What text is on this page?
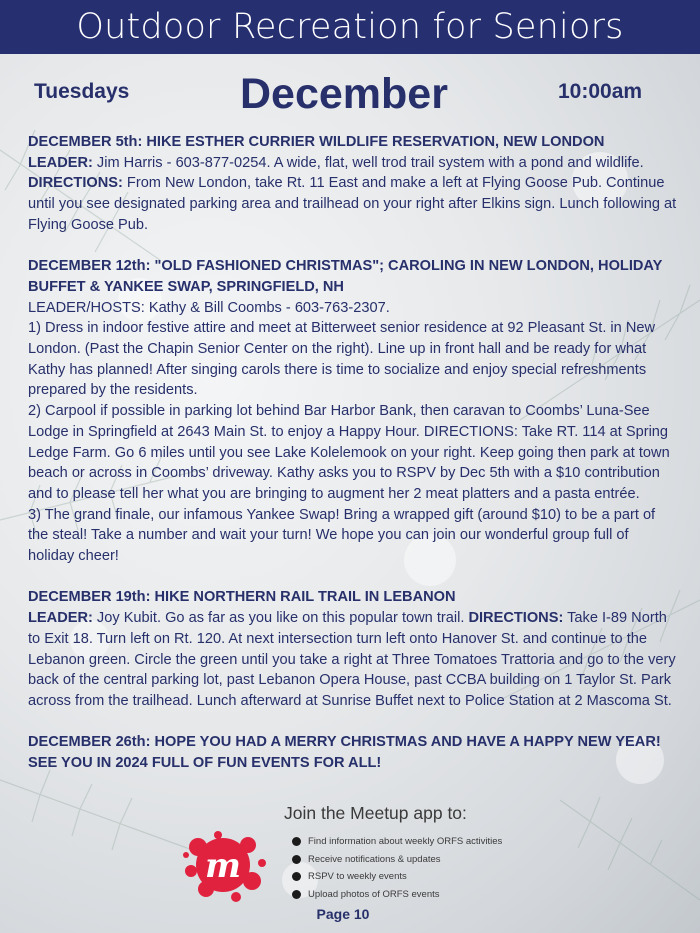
Outdoor Recreation for Seniors
Tuesdays	December	10:00am

DECEMBER 5th: HIKE ESTHER CURRIER WILDLIFE RESERVATION, NEW LONDON

LEADER: Jim Harris - 603-877-0254. A wide, flat, well trod trail system with a pond and wildlife.

DIRECTIONS: From New London, take Rt. 11 East and make a left at Flying Goose Pub. Continue until you see designated parking area and trailhead on your right after Elkins sign. Lunch following at Flying Goose Pub.

DECEMBER 12th: "OLD FASHIONED CHRISTMAS"; CAROLING IN NEW LONDON, HOLIDAY BUFFET & YANKEE SWAP, SPRINGFIELD, NH

LEADER/HOSTS: Kathy & Bill Coombs - 603-763-2307.

1) Dress in indoor festive attire and meet at Bitterweet senior residence at 92 Pleasant St. in New London. (Past the Chapin Senior Center on the right). Line up in front hall and be ready for what Kathy has planned! After singing carols there is time to socialize and enjoy special refreshments prepared by the residents.

2) Carpool if possible in parking lot behind Bar Harbor Bank, then caravan to Coombs’ Luna-See Lodge in Springfield at 2643 Main St. to enjoy a Happy Hour. DIRECTIONS: Take RT. 114 at Spring Ledge Farm. Go 6 miles until you see Lake Kolelemook on your right. Keep going then park at town beach or across in Coombs’ driveway. Kathy asks you to RSPV by Dec 5th with a $10 contribution and to please tell her what you are bringing to augment her 2 meat platters and a pasta entrée.

3) The grand finale, our infamous Yankee Swap! Bring a wrapped gift (around $10) to be a part of the steal! Take a number and wait your turn! We hope you can join our wonderful group full of holiday cheer!

DECEMBER 19th: HIKE NORTHERN RAIL TRAIL IN LEBANON

LEADER: Joy Kubit. Go as far as you like on this popular town trail. DIRECTIONS: Take I-89 North to Exit 18. Turn left on Rt. 120. At next intersection turn left onto Hanover St. and continue to the Lebanon green. Circle the green until you take a right at Three Tomatoes Trattoria and go to the very back of the central parking lot, past Lebanon Opera House, past CCBA building on 1 Taylor St. Park across from the trailhead. Lunch afterward at Sunrise Buffet next to Police Station at 2 Mascoma St.

DECEMBER 26th: HOPE YOU HAD A MERRY CHRISTMAS AND HAVE A HAPPY NEW YEAR! SEE YOU IN 2024 FULL OF FUN EVENTS FOR ALL!

m
Join the Meetup app to:
Find information about weekly ORFS activities
Receive notifications & updates
RSPV to weekly events
Upload photos of ORFS events
Page 10
